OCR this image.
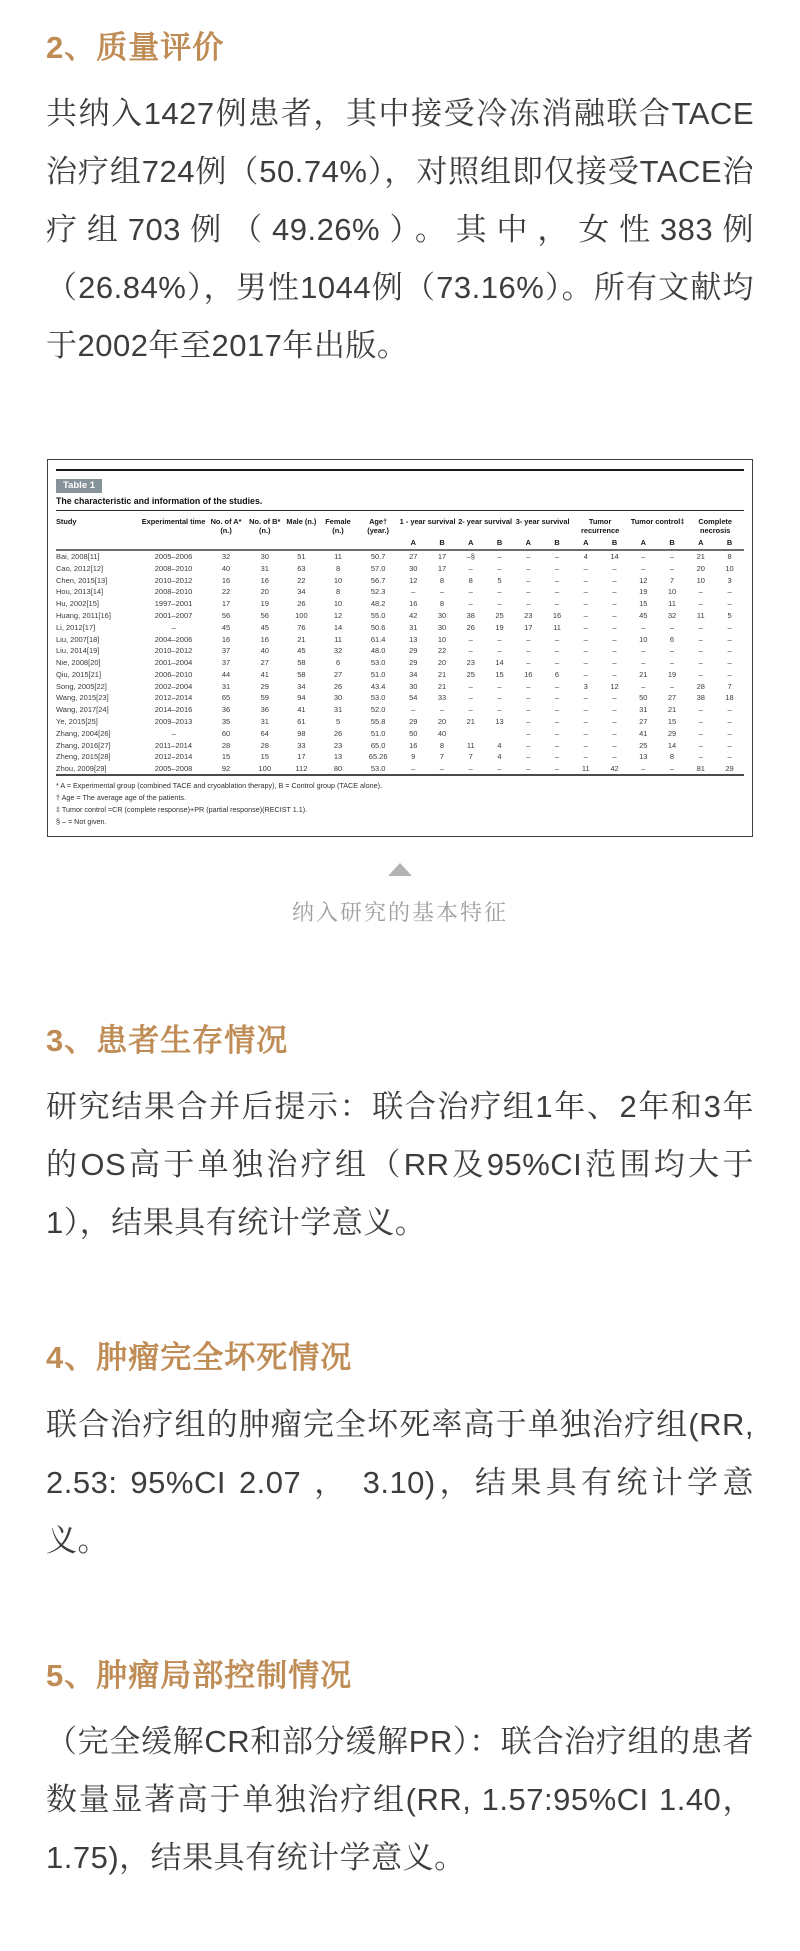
2、质量评价

共纳入1427例患者，其中接受冷冻消融联合TACE治疗组724例（50.74%），对照组即仅接受TACE治疗组703例（49.26%）。其中，女性383例（26.84%），男性1044例（73.16%）。所有文献均于2002年至2017年出版。

Table 1
The characteristic and information of the studies.
Study	Experimental time	No. of A* (n.)	No. of B* (n.)	Male (n.)	Female (n.)	Age† (year.)	1 - year survival		2- year survival		3- year survival		Tumor recurrence		Tumor control‡		Complete necrosis	
							A	B	A	B	A	B	A	B	A	B	A	B
Bai, 2008[11]	2005–2006	32	30	51	11	50.7	27	17	–§	–	–	–	4	14	–	–	21	8
Cao, 2012[12]	2008–2010	40	31	63	8	57.0	30	17	–	–	–	–	–	–	–	–	20	10
Chen, 2015[13]	2010–2012	16	16	22	10	56.7	12	8	8	5	–	–	–	–	12	7	10	3
Hou, 2013[14]	2008–2010	22	20	34	8	52.3	–	–	–	–	–	–	–	–	19	10	–	–
Hu, 2002[15]	1997–2001	17	19	26	10	48.2	16	8	–	–	–	–	–	–	15	11	–	–
Huang, 2011[16]	2001–2007	56	56	100	12	55.0	42	30	38	25	23	16	–	–	45	32	11	5
Li, 2012[17]	–	45	45	76	14	50.6	31	30	26	19	17	11	–	–	–	–	–	–
Liu, 2007[18]	2004–2006	16	16	21	11	61.4	13	10	–	–	–	–	–	–	10	6	–	–
Liu, 2014[19]	2010–2012	37	40	45	32	48.0	29	22	–	–	–	–	–	–	–	–	–	–
Nie, 2008[20]	2001–2004	37	27	58	6	53.0	29	20	23	14	–	–	–	–	–	–	–	–
Qiu, 2015[21]	2006–2010	44	41	58	27	51.0	34	21	25	15	16	6	–	–	21	19	–	–
Song, 2005[22]	2002–2004	31	29	34	26	43.4	30	21	–	–	–	–	3	12	–	–	28	7
Wang, 2015[23]	2012–2014	65	59	94	30	53.0	54	33	–	–	–	–	–	–	50	27	38	18
Wang, 2017[24]	2014–2016	36	36	41	31	52.0	–	–	–	–	–	–	–	–	31	21	–	–
Ye, 2015[25]	2009–2013	35	31	61	5	55.8	29	20	21	13	–	–	–	–	27	15	–	–
Zhang, 2004[26]	–	60	64	98	26	51.0	50	40			–	–	–	–	41	29	–	–
Zhang, 2016[27]	2011–2014	28	28	33	23	65.0	16	8	11	4	–	–	–	–	25	14	–	–
Zheng, 2015[28]	2012–2014	15	15	17	13	65.26	9	7	7	4	–	–	–	–	13	8	–	–
Zhou, 2009[29]	2005–2008	92	100	112	80	53.0	–	–	–	–	–	–	11	42	–	–	81	29
* A = Experimental group (combined TACE and cryoablation therapy), B = Control group (TACE alone).
† Age = The average age of the patients.
‡ Tumor control =CR (complete response)+PR (partial response)(RECIST 1.1).
§ – = Not given.
纳入研究的基本特征
3、患者生存情况

研究结果合并后提示：联合治疗组1年、2年和3年的OS高于单独治疗组（RR及95%CI范围均大于1），结果具有统计学意义。

4、肿瘤完全坏死情况

联合治疗组的肿瘤完全坏死率高于单独治疗组(RR, 2.53: 95%CI 2.07 ， 3.10)，结果具有统计学意义。

5、肿瘤局部控制情况

（完全缓解CR和部分缓解PR）：联合治疗组的患者数量显著高于单独治疗组(RR, 1.57:95%CI 1.40，1.75)，结果具有统计学意义。
